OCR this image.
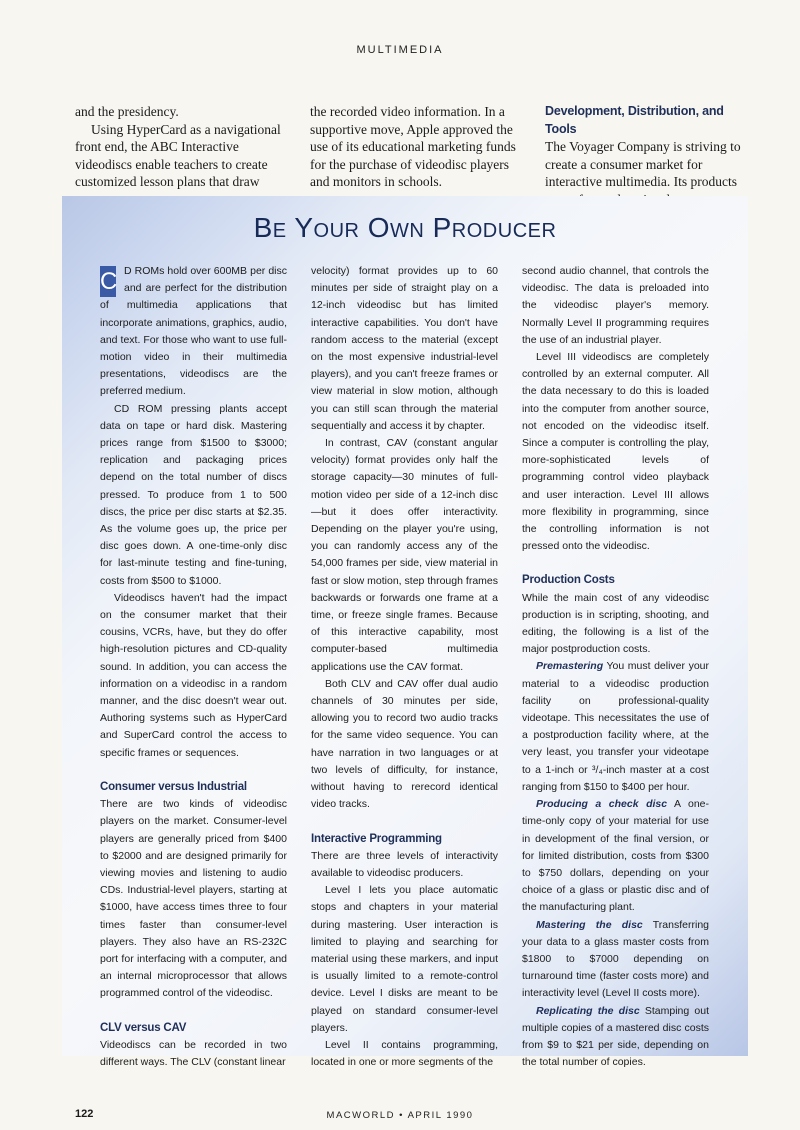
MULTIMEDIA

and the presidency.

Using HyperCard as a navigational front end, the ABC Interactive videodiscs enable teachers to create customized lesson plans that draw

the recorded video information. In a supportive move, Apple approved the use of its educational marketing funds for the purchase of videodisc players and monitors in schools.

Development, Distribution, and Tools

The Voyager Company is striving to create a consumer market for interactive multimedia. Its products

Be Your Own Producer

C D ROMs hold over 600MB per disc and are perfect for the distribution of multimedia applications that incorporate animations, graphics, audio, and text. For those who want to use full-motion video in their multimedia presentations, videodiscs are the preferred medium.

CD ROM pressing plants accept data on tape or hard disk. Mastering prices range from $1500 to $3000; replication and packaging prices depend on the total number of discs pressed. To produce from 1 to 500 discs, the price per disc starts at $2.35. As the volume goes up, the price per disc goes down. A one-time-only disc for last-minute testing and fine-tuning, costs from $500 to $1000.

Videodiscs haven't had the impact on the consumer market that their cousins, VCRs, have, but they do offer high-resolution pictures and CD-quality sound. In addition, you can access the information on a videodisc in a random manner, and the disc doesn't wear out. Authoring systems such as HyperCard and SuperCard control the access to specific frames or sequences.

Consumer versus Industrial

There are two kinds of videodisc players on the market. Consumer-level players are generally priced from $400 to $2000 and are designed primarily for viewing movies and listening to audio CDs. Industrial-level players, starting at $1000, have access times three to four times faster than consumer-level players. They also have an RS-232C port for interfacing with a computer, and an internal microprocessor that allows programmed control of the videodisc.

CLV versus CAV

Videodiscs can be recorded in two different ways. The CLV (constant linear

velocity) format provides up to 60 minutes per side of straight play on a 12-inch videodisc but has limited interactive capabilities. You don't have random access to the material (except on the most expensive industrial-level players), and you can't freeze frames or view material in slow motion, although you can still scan through the material sequentially and access it by chapter.

In contrast, CAV (constant angular velocity) format provides only half the storage capacity—30 minutes of full-motion video per side of a 12-inch disc—but it does offer interactivity. Depending on the player you're using, you can randomly access any of the 54,000 frames per side, view material in fast or slow motion, step through frames backwards or forwards one frame at a time, or freeze single frames. Because of this interactive capability, most computer-based multimedia applications use the CAV format.

Both CLV and CAV offer dual audio channels of 30 minutes per side, allowing you to record two audio tracks for the same video sequence. You can have narration in two languages or at two levels of difficulty, for instance, without having to rerecord identical video tracks.

Interactive Programming

There are three levels of interactivity available to videodisc producers.

Level I lets you place automatic stops and chapters in your material during mastering. User interaction is limited to playing and searching for material using these markers, and input is usually limited to a remote-control device. Level I disks are meant to be played on standard consumer-level players.

Level II contains programming, located in one or more segments of the

second audio channel, that controls the videodisc. The data is preloaded into the videodisc player's memory. Normally Level II programming requires the use of an industrial player.

Level III videodiscs are completely controlled by an external computer. All the data necessary to do this is loaded into the computer from another source, not encoded on the videodisc itself. Since a computer is controlling the play, more-sophisticated levels of programming control video playback and user interaction. Level III allows more flexibility in programming, since the controlling information is not pressed onto the videodisc.

Production Costs

While the main cost of any videodisc production is in scripting, shooting, and editing, the following is a list of the major postproduction costs.

Premastering You must deliver your material to a videodisc production facility on professional-quality videotape. This necessitates the use of a postproduction facility where, at the very least, you transfer your videotape to a 1-inch or ³/₄-inch master at a cost ranging from $150 to $400 per hour.

Producing a check disc A one-time-only copy of your material for use in development of the final version, or for limited distribution, costs from $300 to $750 dollars, depending on your choice of a glass or plastic disc and of the manufacturing plant.

Mastering the disc Transferring your data to a glass master costs from $1800 to $7000 depending on turnaround time (faster costs more) and interactivity level (Level II costs more).

Replicating the disc Stamping out multiple copies of a mastered disc costs from $9 to $21 per side, depending on the total number of copies.

122	MACWORLD • APRIL 1990
